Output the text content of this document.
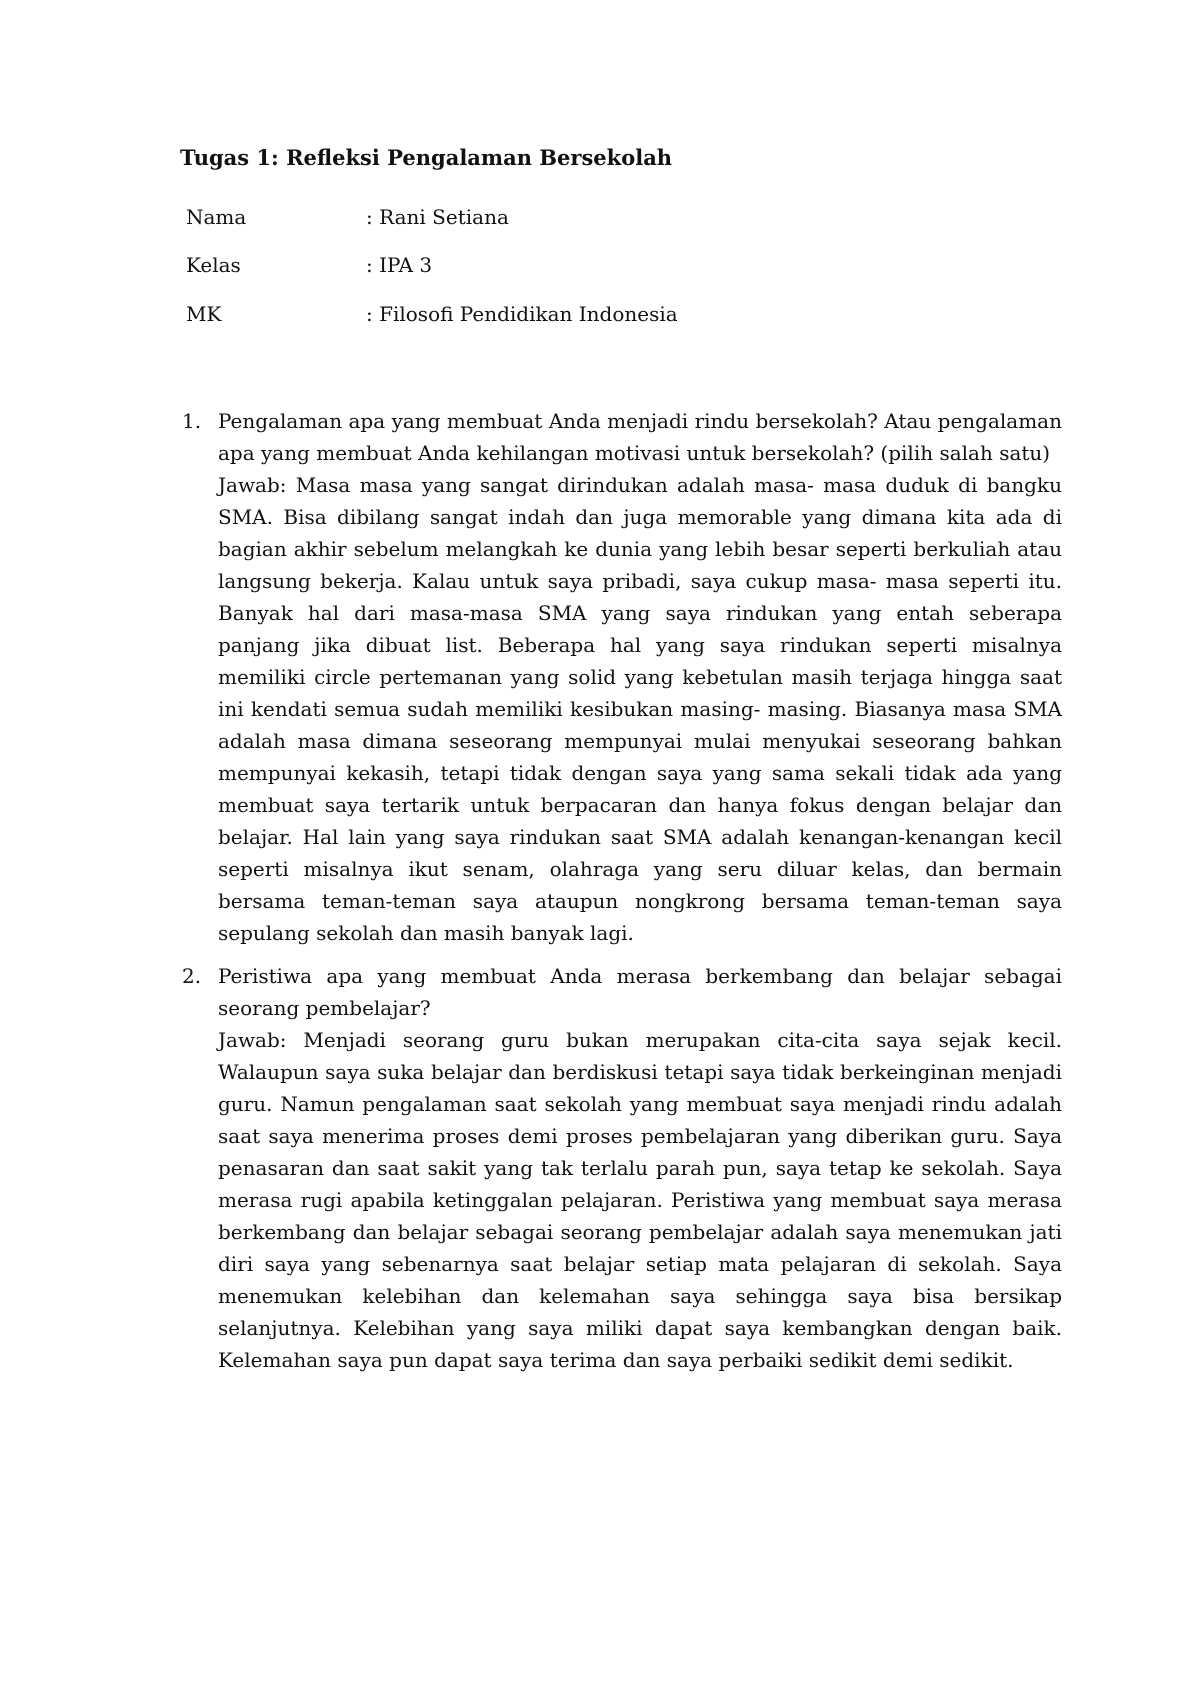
Tugas 1: Refleksi Pengalaman Bersekolah
Nama	: Rani Setiana
Kelas	: IPA 3
MK	: Filosofi Pendidikan Indonesia
1. Pengalaman apa yang membuat Anda menjadi rindu bersekolah? Atau pengalaman apa yang membuat Anda kehilangan motivasi untuk bersekolah? (pilih salah satu)

Jawab: Masa masa yang sangat dirindukan adalah masa- masa duduk di bangku SMA. Bisa dibilang sangat indah dan juga memorable yang dimana kita ada di bagian akhir sebelum melangkah ke dunia yang lebih besar seperti berkuliah atau langsung bekerja. Kalau untuk saya pribadi, saya cukup masa- masa seperti itu. Banyak hal dari masa-masa SMA yang saya rindukan yang entah seberapa panjang jika dibuat list. Beberapa hal yang saya rindukan seperti misalnya memiliki circle pertemanan yang solid yang kebetulan masih terjaga hingga saat ini kendati semua sudah memiliki kesibukan masing- masing. Biasanya masa SMA adalah masa dimana seseorang mempunyai mulai menyukai seseorang bahkan mempunyai kekasih, tetapi tidak dengan saya yang sama sekali tidak ada yang membuat saya tertarik untuk berpacaran dan hanya fokus dengan belajar dan belajar. Hal lain yang saya rindukan saat SMA adalah kenangan-kenangan kecil seperti misalnya ikut senam, olahraga yang seru diluar kelas, dan bermain bersama teman-teman saya ataupun nongkrong bersama teman-teman saya sepulang sekolah dan masih banyak lagi.

2. Peristiwa apa yang membuat Anda merasa berkembang dan belajar sebagai seorang pembelajar?

Jawab: Menjadi seorang guru bukan merupakan cita-cita saya sejak kecil. Walaupun saya suka belajar dan berdiskusi tetapi saya tidak berkeinginan menjadi guru. Namun pengalaman saat sekolah yang membuat saya menjadi rindu adalah saat saya menerima proses demi proses pembelajaran yang diberikan guru. Saya penasaran dan saat sakit yang tak terlalu parah pun, saya tetap ke sekolah. Saya merasa rugi apabila ketinggalan pelajaran. Peristiwa yang membuat saya merasa berkembang dan belajar sebagai seorang pembelajar adalah saya menemukan jati diri saya yang sebenarnya saat belajar setiap mata pelajaran di sekolah. Saya menemukan kelebihan dan kelemahan saya sehingga saya bisa bersikap selanjutnya. Kelebihan yang saya miliki dapat saya kembangkan dengan baik. Kelemahan saya pun dapat saya terima dan saya perbaiki sedikit demi sedikit.
